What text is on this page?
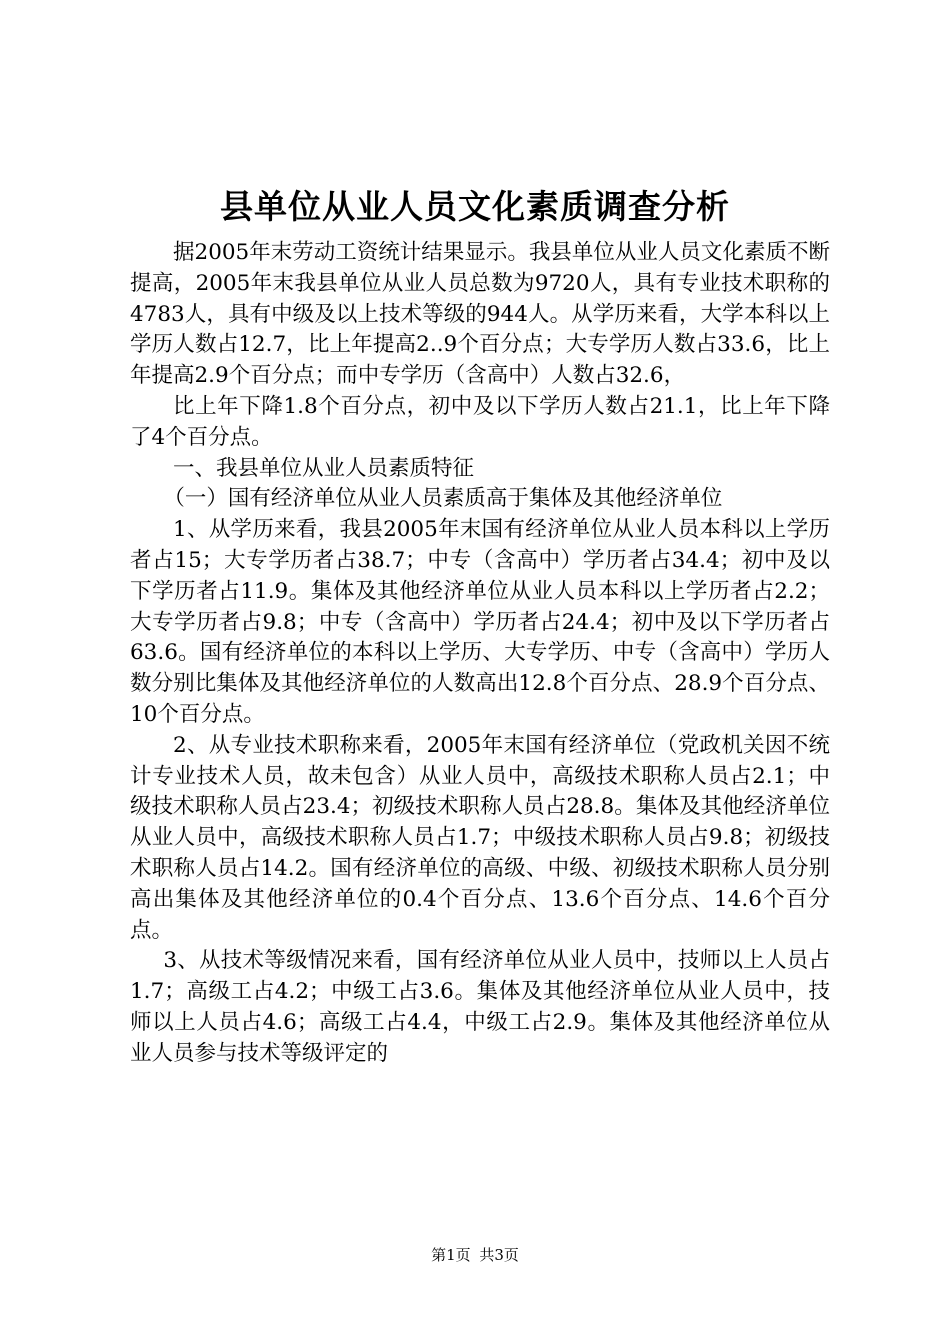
县单位从业人员文化素质调查分析

据2005年末劳动工资统计结果显示。我县单位从业人员文化素质不断提高，2005年末我县单位从业人员总数为9720人，具有专业技术职称的4783人，具有中级及以上技术等级的944人。从学历来看，大学本科以上学历人数占12.7，比上年提高2..9个百分点；大专学历人数占33.6，比上年提高2.9个百分点；而中专学历（含高中）人数占32.6，

比上年下降1.8个百分点，初中及以下学历人数占21.1，比上年下降了4个百分点。

一、我县单位从业人员素质特征

（一）国有经济单位从业人员素质高于集体及其他经济单位

1、从学历来看，我县2005年末国有经济单位从业人员本科以上学历者占15；大专学历者占38.7；中专（含高中）学历者占34.4；初中及以下学历者占11.9。集体及其他经济单位从业人员本科以上学历者占2.2；大专学历者占9.8；中专（含高中）学历者占24.4；初中及以下学历者占63.6。国有经济单位的本科以上学历、大专学历、中专（含高中）学历人数分别比集体及其他经济单位的人数高出12.8个百分点、28.9个百分点、10个百分点。

2、从专业技术职称来看，2005年末国有经济单位（党政机关因不统计专业技术人员，故未包含）从业人员中，高级技术职称人员占2.1；中级技术职称人员占23.4；初级技术职称人员占28.8。集体及其他经济单位从业人员中，高级技术职称人员占1.7；中级技术职称人员占9.8；初级技术职称人员占14.2。国有经济单位的高级、中级、初级技术职称人员分别高出集体及其他经济单位的0.4个百分点、13.6个百分点、14.6个百分点。

3、从技术等级情况来看，国有经济单位从业人员中，技师以上人员占1.7；高级工占4.2；中级工占3.6。集体及其他经济单位从业人员中，技师以上人员占4.6；高级工占4.4，中级工占2.9。集体及其他经济单位从业人员参与技术等级评定的

第1页 共3页
